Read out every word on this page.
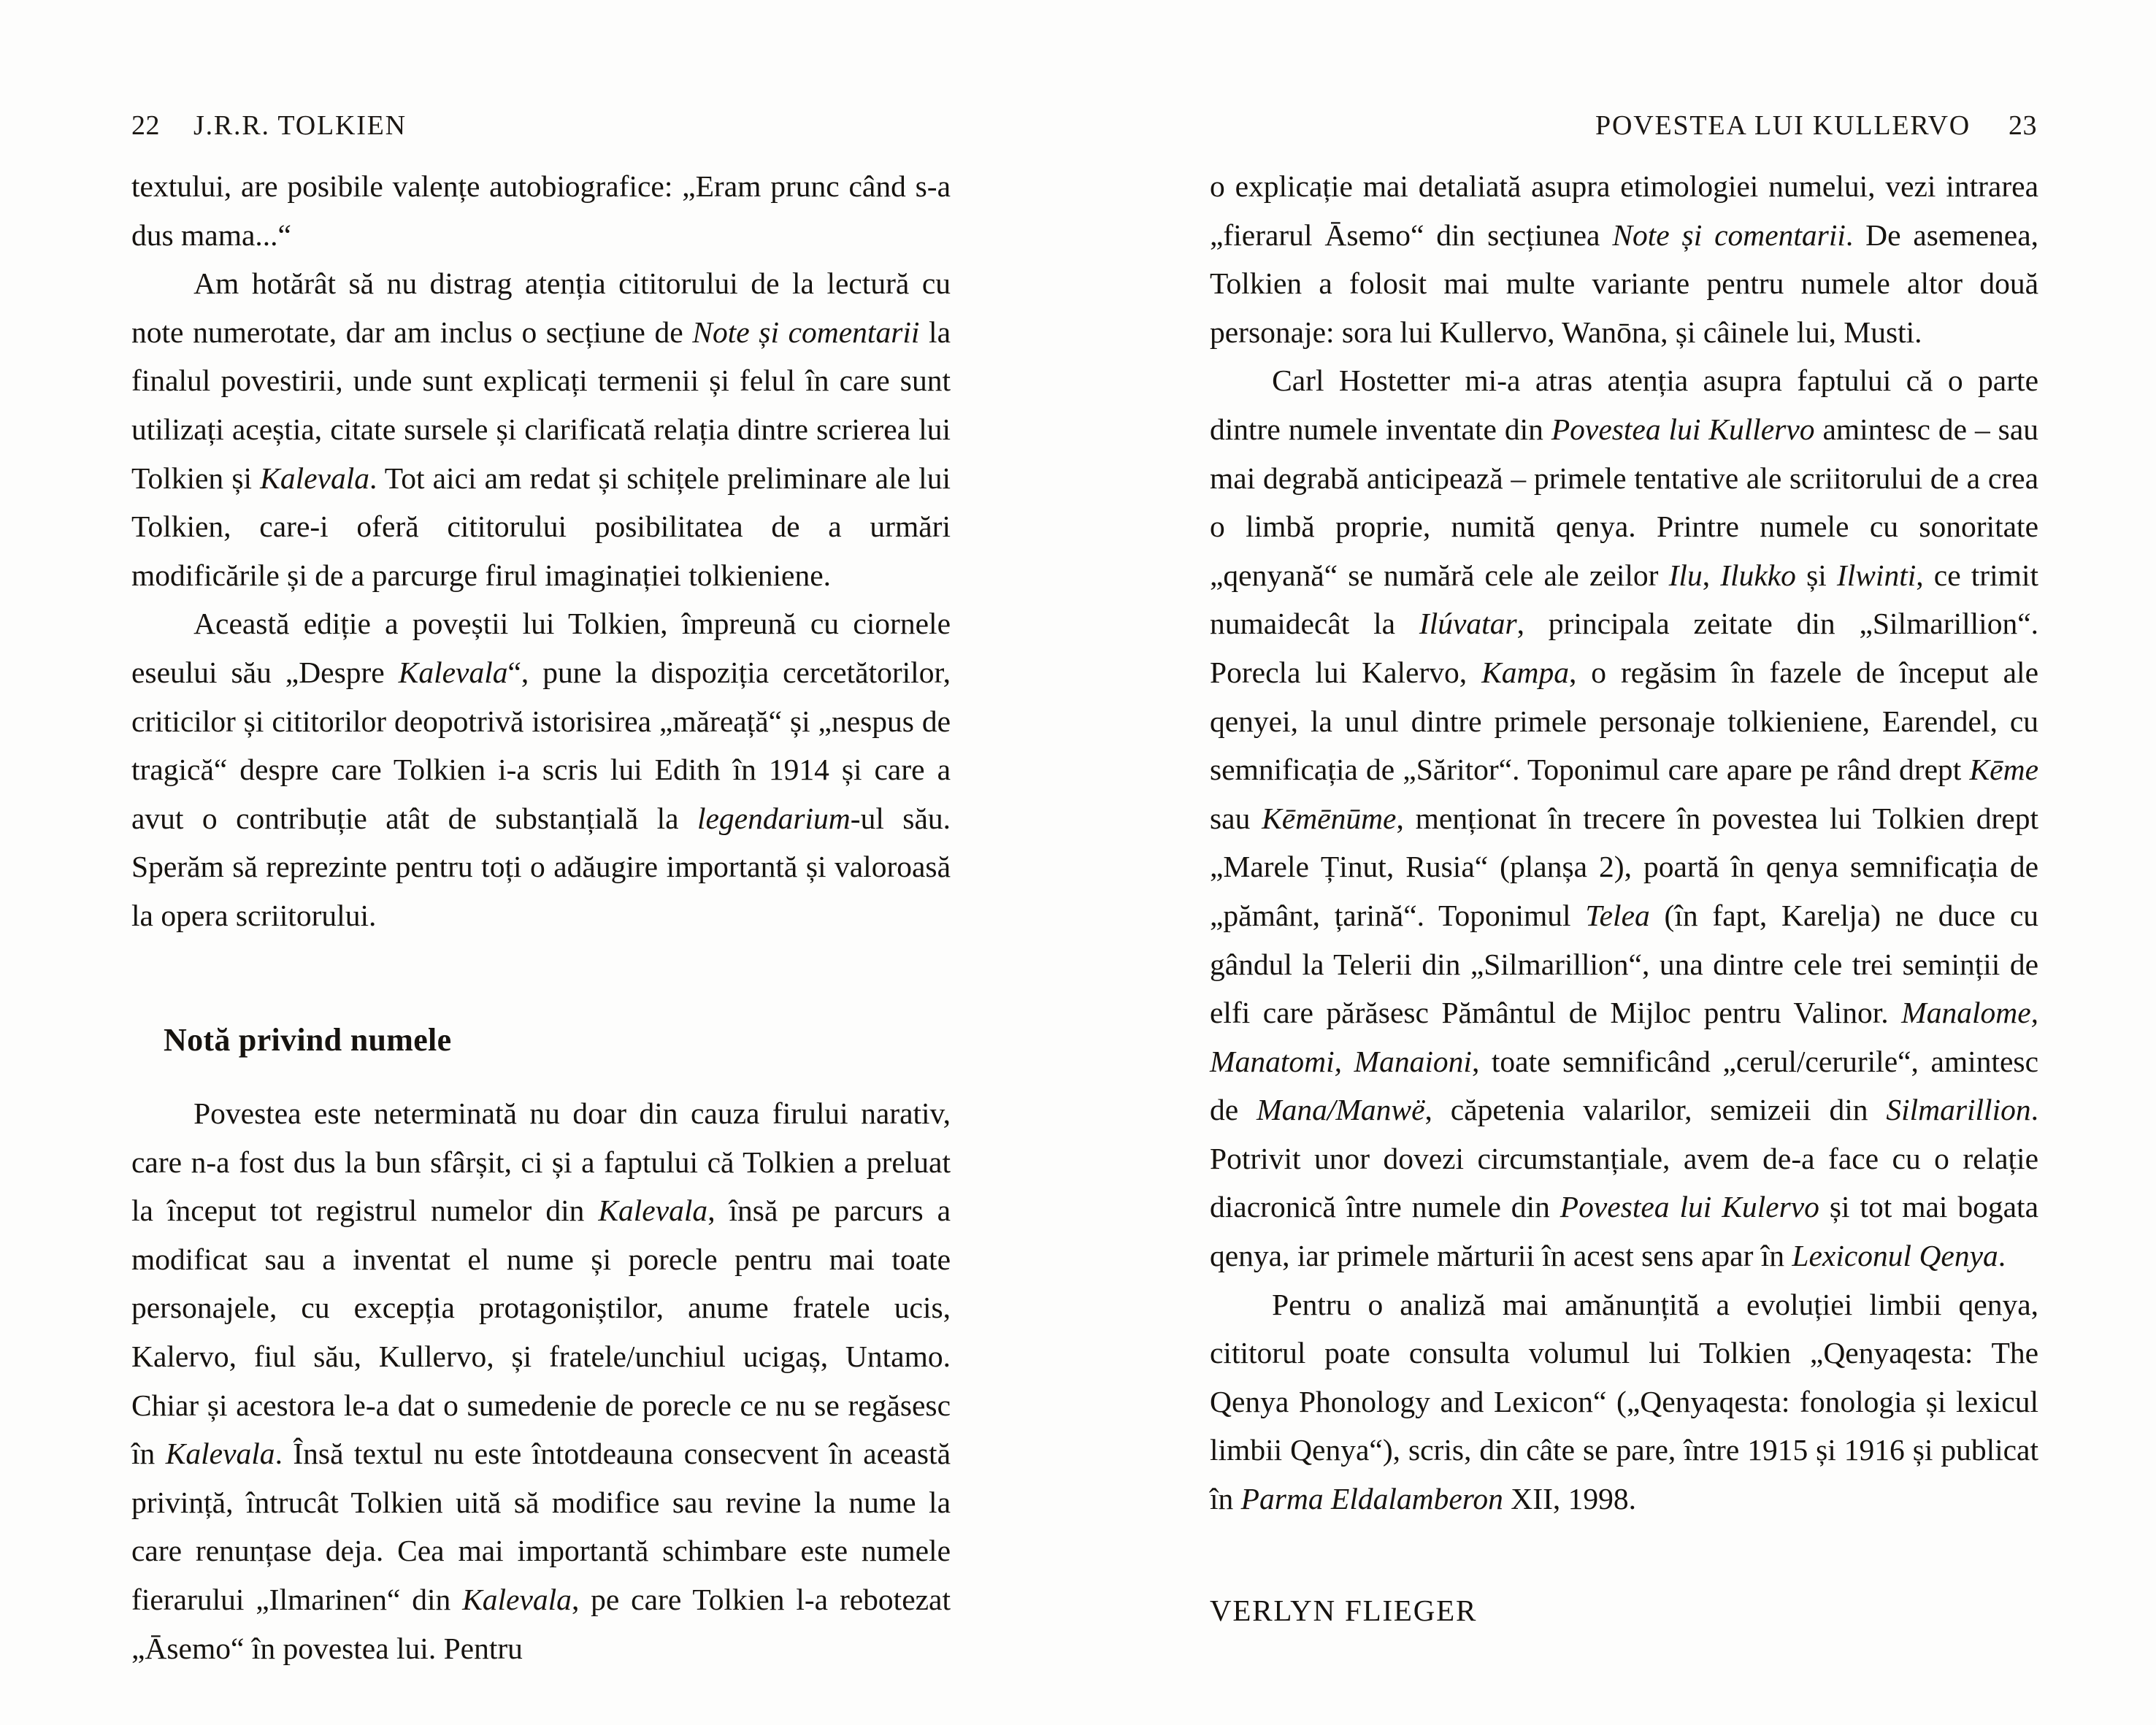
22 J.R.R. TOLKIEN	POVESTEA LUI KULLERVO 23

textului, are posibile valențe autobiografice: „Eram prunc când s-a dus mama...“

Am hotărât să nu distrag atenția cititorului de la lectură cu note numerotate, dar am inclus o secțiune de Note și comentarii la finalul povestirii, unde sunt explicați termenii și felul în care sunt utilizați aceștia, citate sursele și clarificată relația dintre scrierea lui Tolkien și Kalevala. Tot aici am redat și schițele preliminare ale lui Tolkien, care-i oferă cititorului posibilitatea de a urmări modificările și de a parcurge firul imaginației tolkieniene.

Această ediție a poveștii lui Tolkien, împreună cu ciornele eseului său „Despre Kalevala“, pune la dispoziția cercetătorilor, criticilor și cititorilor deopotrivă istorisirea „măreață“ și „nespus de tragică“ despre care Tolkien i-a scris lui Edith în 1914 și care a avut o contribuție atât de substanțială la legendarium-ul său. Sperăm să reprezinte pentru toți o adăugire importantă și valoroasă la opera scriitorului.

Notă privind numele

Povestea este neterminată nu doar din cauza firului narativ, care n-a fost dus la bun sfârșit, ci și a faptului că Tolkien a preluat la început tot registrul numelor din Kalevala, însă pe parcurs a modificat sau a inventat el nume și porecle pentru mai toate personajele, cu excepția protagoniștilor, anume fratele ucis, Kalervo, fiul său, Kullervo, și fratele/unchiul ucigaș, Untamo. Chiar și acestora le-a dat o sumedenie de porecle ce nu se regăsesc în Kalevala. Însă textul nu este întotdeauna consecvent în această privință, întrucât Tolkien uită să modifice sau revine la nume la care renunțase deja. Cea mai importantă schimbare este numele fierarului „Ilmarinen“ din Kalevala, pe care Tolkien l-a rebotezat „Āsemo“ în povestea lui. Pentru

o explicație mai detaliată asupra etimologiei numelui, vezi intrarea „fierarul Āsemo“ din secțiunea Note și comentarii. De asemenea, Tolkien a folosit mai multe variante pentru numele altor două personaje: sora lui Kullervo, Wanōna, și câinele lui, Musti.

Carl Hostetter mi-a atras atenția asupra faptului că o parte dintre numele inventate din Povestea lui Kullervo amintesc de – sau mai degrabă anticipează – primele tentative ale scriitorului de a crea o limbă proprie, numită qenya. Printre numele cu sonoritate „qenyană“ se numără cele ale zeilor Ilu, Ilukko și Ilwinti, ce trimit numaidecât la Ilúvatar, principala zeitate din „Silmarillion“. Porecla lui Kalervo, Kampa, o regăsim în fazele de început ale qenyei, la unul dintre primele personaje tolkieniene, Earendel, cu semnificația de „Săritor“. Toponimul care apare pe rând drept Kēme sau Kēmēnūme, menționat în trecere în povestea lui Tolkien drept „Marele Ținut, Rusia“ (planșa 2), poartă în qenya semnificația de „pământ, țarină“. Toponimul Telea (în fapt, Karelja) ne duce cu gândul la Telerii din „Silmarillion“, una dintre cele trei seminții de elfi care părăsesc Pământul de Mijloc pentru Valinor. Manalome, Manatomi, Manaioni, toate semnificând „cerul/cerurile“, amintesc de Mana/Manwë, căpetenia valarilor, semizeii din Silmarillion. Potrivit unor dovezi circumstanțiale, avem de-a face cu o relație diacronică între numele din Povestea lui Kulervo și tot mai bogata qenya, iar primele mărturii în acest sens apar în Lexiconul Qenya.

Pentru o analiză mai amănunțită a evoluției limbii qenya, cititorul poate consulta volumul lui Tolkien „Qenyaqesta: The Qenya Phonology and Lexicon“ („Qenyaqesta: fonologia și lexicul limbii Qenya“), scris, din câte se pare, între 1915 și 1916 și publicat în Parma Eldalamberon XII, 1998.

VERLYN FLIEGER
